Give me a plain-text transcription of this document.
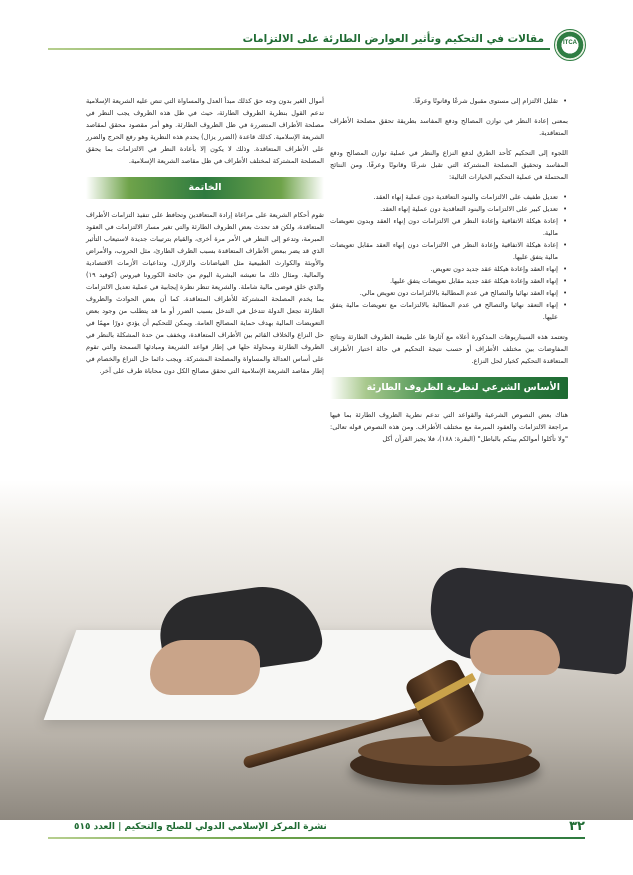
مقالات في التحكيم وتأثير العوارض الطارئة على الالتزامات	ITCA
• تقليل الالتزام إلى مستوى مقبول شرعًا وقانونًا وعرفًا.

بمعنى إعادة النظر في توازن المصالح ودفع المفاسد بطريقة تحقق مصلحة الأطراف المتعاقدية.

اللجوء إلى التحكيم كأحد الطرق لدفع النزاع والنظر في عملية توازن المصالح ودفع المفاسد وتحقيق المصلحة المشتركة التي تقبل شرعًا وقانونًا وعرفًا. ومن النتائج المحتملة في عملية التحكيم الخيارات التالية:

• تعديل طفيف على الالتزامات والبنود التعاقدية دون عملية إنهاء العقد.
• تعديل كبير على الالتزامات والبنود التعاقدية دون عملية إنهاء العقد.
• إعادة هيكلة الاتفاقية وإعادة النظر في الالتزامات دون إنهاء العقد وبدون تعويضات مالية.
• إعادة هيكلة الاتفاقية وإعادة النظر في الالتزامات دون إنهاء العقد مقابل تعويضات مالية يتفق عليها.
• إنهاء العقد وإعادة هيكلة عقد جديد دون تعويض.
• إنهاء العقد وإعادة هيكلة عقد جديد مقابل تعويضات يتفق عليها.
• إنهاء العقد نهائيا والتصالح في عدم المطالبة بالالتزامات دون تعويض مالي.
• إنهاء التعقد نهائيا والتصالح في عدم المطالبة بالالتزامات مع تعويضات مالية يتفق عليها.

وتعتمد هذه السيناريوهات المذكورة أعلاه مع آثارها على طبيعة الظروف الطارئة ونتائج المفاوضات بين مختلف الأطراف أو حسب نتيجة التحكيم في حالة اختيار الأطراف المتعاقدة التحكيم كخيار لحل النزاع.

الأساس الشرعي لنظرية الظروف الطارئة

هناك بعض النصوص الشرعية والقواعد التي تدعم نظرية الظروف الطارئة بما فيها مراجعة الالتزامات والعقود المبرمة مع مختلف الأطراف. ومن هذه النصوص قوله تعالى: "ولا تأكلوا أموالكم بينكم بالباطل" (البقرة: ١٨٨)، فلا يجيز القرآن أكل

أموال الغير بدون وجه حق كذلك مبدأ العدل والمساواة التي تنص عليه الشريعة الإسلامية تدعم القول بنظرية الظروف الطارئة، حيث في ظل هذه الظروف يجب النظر في مصلحة الأطراف المتضررة في ظل الظروف الطارئة. وهو أمر مقصود محقق لمقاصد الشريعة الإسلامية. كذلك قاعدة (الضرر يزال) يحدم هذه النظرية وهو رفع الحرج والضرر على الأطراف المتعاقدة. وذلك لا يكون إلا بأعادة النظر في الالتزامات بما يحقق المصلحة المشتركة لمختلف الأطراف في ظل مقاصد الشريعة الإسلامية.

الخاتمة

تقوم أحكام الشريعة على مراعاة إرادة المتعاقدين وتحافظ على تنفيذ التزامات الأطراف المتعاقدة، ولكن قد تحدث بعض الظروف الطارئة والتي تغير مسار الالتزامات في العقود المبرمة، وتدعو إلى النظر في الأمر مرة أخرى، والقيام بترتيبات جديدة لاستيعاب التأثير الذي قد يضر ببعض الأطراف المتعاقدة بسبب الظرف الطارئ، مثل الحروب، والأمراض والأوبئة والكوارث الطبيعية مثل الفياضانات والزلازل، وتداعيات الأزمات الاقتصادية والمالية. ومثال ذلك ما تعيشه البشرية اليوم من جائحة الكورونا فيروس (كوفيد ١٩) والذي خلق فوضى مالية شاملة. والشريعة تنظر نظرة إيجابية في عملية تعديل الالتزامات بما يخدم المصلحة المشتركة للأطراف المتعاقدة. كما أن بعض الحوادث والظروف الطارئة تجعل الدولة تتدخل في التدخل بسبب الضرر أو ما قد يتطلب من وجود بعض التعويضات المالية بهدف حماية المصالح العامة. ويمكن للتحكيم أن يؤدي دورًا مهمًا في حل النزاع والخلاف القائم بين الأطراف المتعاقدة، ويخفف من حدة المشكلة بالنظر في الظروف الطارئة ومحاولة حلها في إطار قواعد الشريعة ومبادئها السمحة والتي تقوم على أساس العدالة والمساواة والمصلحة المشتركة. ويجب دائما حل النزاع والخصام في إطار مقاصد الشريعة الإسلامية التي تحقق مصالح الكل دون محاباة طرف على آخر.

نشرة المركز الإسلامي الدولي للصلح والتحكيم | العدد ٥١٥	٣٢
